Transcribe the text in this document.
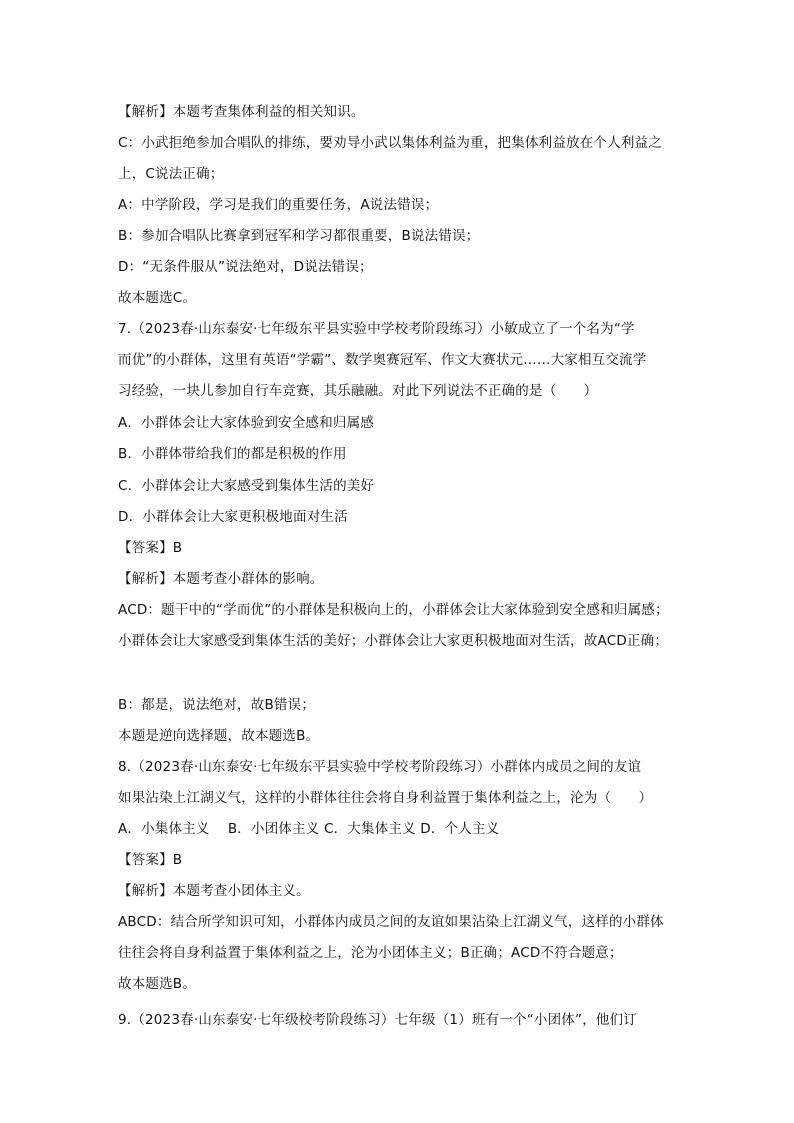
【解析】本题考查集体利益的相关知识。
C：小武拒绝参加合唱队的排练，要劝导小武以集体利益为重，把集体利益放在个人利益之
上，C说法正确；
A：中学阶段，学习是我们的重要任务，A说法错误；
B：参加合唱队比赛拿到冠军和学习都很重要，B说法错误；
D：“无条件服从”说法绝对，D说法错误；
故本题选C。
7.（2023春·山东泰安·七年级东平县实验中学校考阶段练习）小敏成立了一个名为“学
而优”的小群体，这里有英语“学霸”、数学奥赛冠军、作文大赛状元……大家相互交流学
习经验，一块儿参加自行车竞赛，其乐融融。对此下列说法不正确的是（　　）
A．小群体会让大家体验到安全感和归属感
B．小群体带给我们的都是积极的作用
C．小群体会让大家感受到集体生活的美好
D．小群体会让大家更积极地面对生活
【答案】B
【解析】本题考查小群体的影响。
ACD：题干中的“学而优”的小群体是积极向上的，小群体会让大家体验到安全感和归属感；
小群体会让大家感受到集体生活的美好；小群体会让大家更积极地面对生活，故ACD正确；
B：都是，说法绝对，故B错误；
本题是逆向选择题，故本题选B。
8.（2023春·山东泰安·七年级东平县实验中学校考阶段练习）小群体内成员之间的友谊
如果沾染上江湖义气，这样的小群体往往会将自身利益置于集体利益之上，沦为（　　）
A．小集体主义　 B．小团体主义 C．大集体主义 D．个人主义
【答案】B
【解析】本题考查小团体主义。
ABCD：结合所学知识可知，小群体内成员之间的友谊如果沾染上江湖义气，这样的小群体
往往会将自身利益置于集体利益之上，沦为小团体主义；B正确；ACD不符合题意；
故本题选B。
9.（2023春·山东泰安·七年级校考阶段练习）七年级（1）班有一个“小团体”，他们订
